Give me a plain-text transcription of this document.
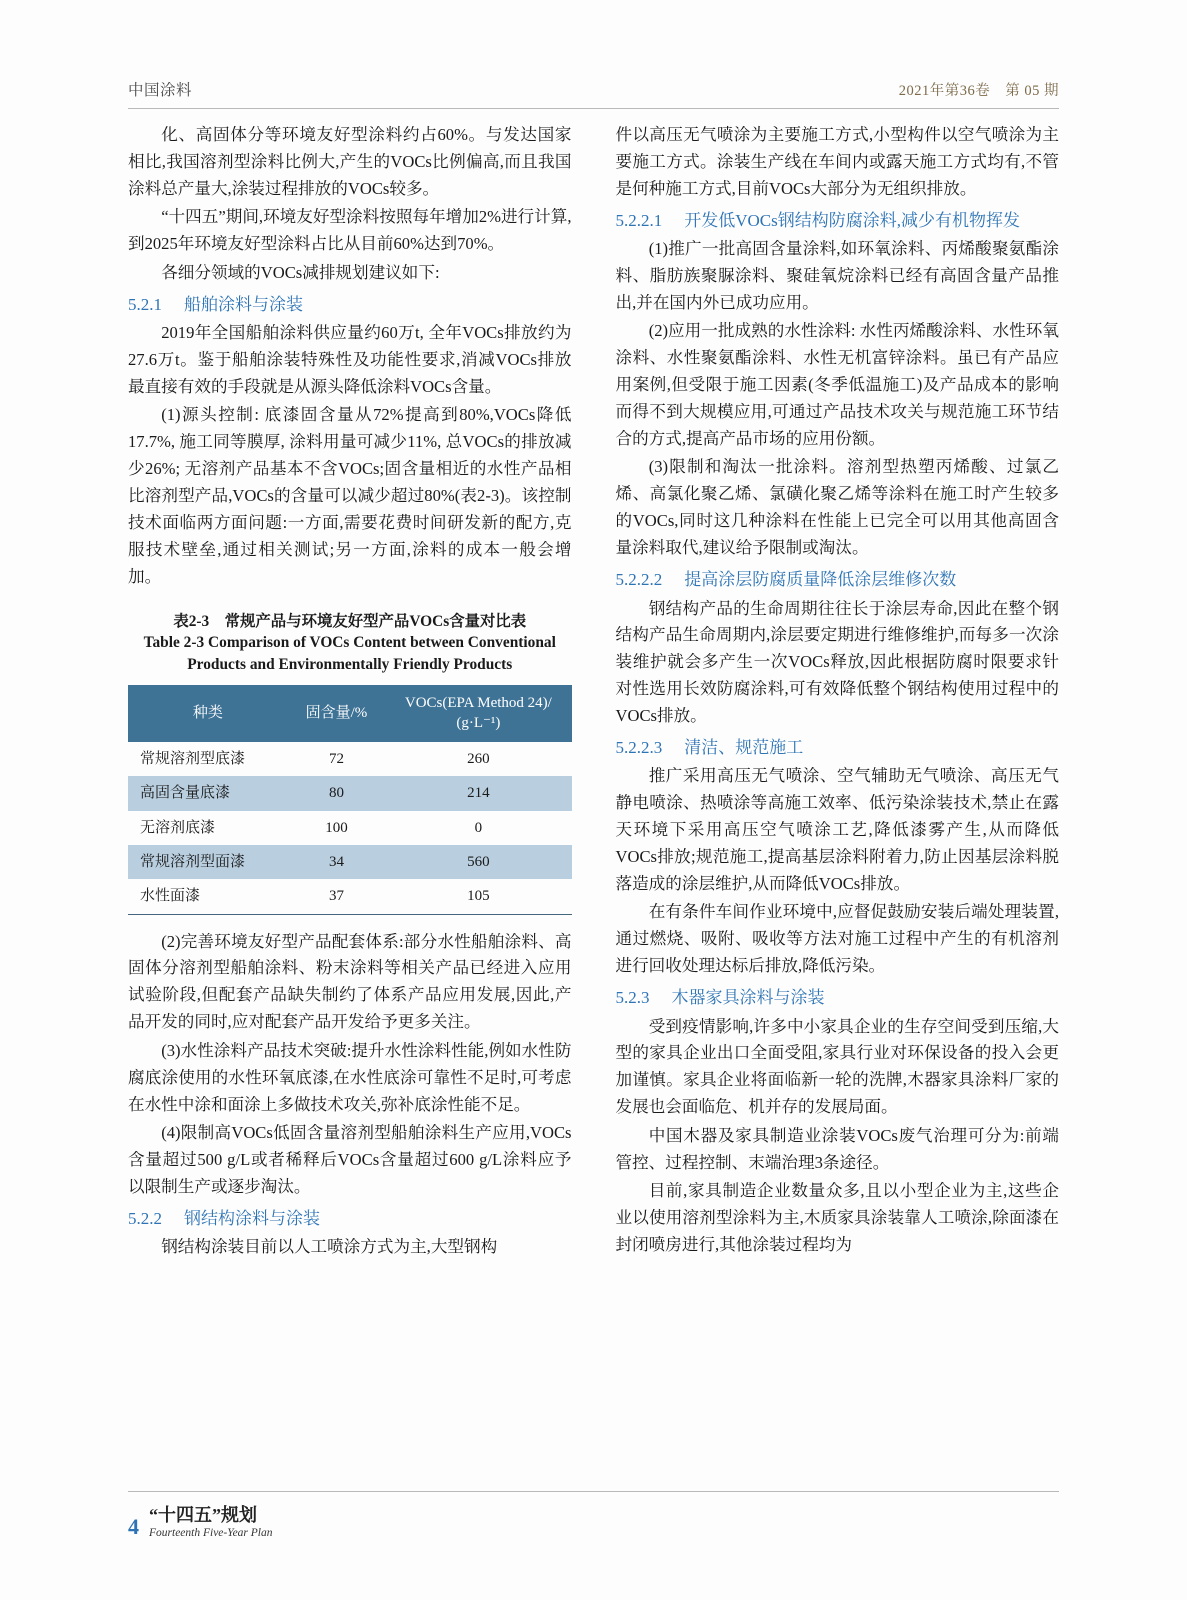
中国涂料	2021年第36卷　第 05 期

化、高固体分等环境友好型涂料约占60%。与发达国家相比,我国溶剂型涂料比例大,产生的VOCs比例偏高,而且我国涂料总产量大,涂装过程排放的VOCs较多。

“十四五”期间,环境友好型涂料按照每年增加2%进行计算,到2025年环境友好型涂料占比从目前60%达到70%。

各细分领域的VOCs减排规划建议如下:

5.2.1 船舶涂料与涂装

2019年全国船舶涂料供应量约60万t, 全年VOCs排放约为27.6万t。鉴于船舶涂装特殊性及功能性要求,消减VOCs排放最直接有效的手段就是从源头降低涂料VOCs含量。

(1)源头控制: 底漆固含量从72%提高到80%,VOCs降低17.7%, 施工同等膜厚, 涂料用量可减少11%, 总VOCs的排放减少26%; 无溶剂产品基本不含VOCs;固含量相近的水性产品相比溶剂型产品,VOCs的含量可以减少超过80%(表2-3)。该控制技术面临两方面问题:一方面,需要花费时间研发新的配方,克服技术壁垒,通过相关测试;另一方面,涂料的成本一般会增加。

表2-3　常规产品与环境友好型产品VOCs含量对比表
Table 2-3 Comparison of VOCs Content between Conventional Products and Environmentally Friendly Products
种类	固含量/%	VOCs(EPA Method 24)/
(g·L⁻¹)

常规溶剂型底漆	72	260
高固含量底漆	80	214
无溶剂底漆	100	0
常规溶剂型面漆	34	560
水性面漆	37	105

(2)完善环境友好型产品配套体系:部分水性船舶涂料、高固体分溶剂型船舶涂料、粉末涂料等相关产品已经进入应用试验阶段,但配套产品缺失制约了体系产品应用发展,因此,产品开发的同时,应对配套产品开发给予更多关注。

(3)水性涂料产品技术突破:提升水性涂料性能,例如水性防腐底涂使用的水性环氧底漆,在水性底涂可靠性不足时,可考虑在水性中涂和面涂上多做技术攻关,弥补底涂性能不足。

(4)限制高VOCs低固含量溶剂型船舶涂料生产应用,VOCs含量超过500 g/L或者稀释后VOCs含量超过600 g/L涂料应予以限制生产或逐步淘汰。

5.2.2 钢结构涂料与涂装

钢结构涂装目前以人工喷涂方式为主,大型钢构

件以高压无气喷涂为主要施工方式,小型构件以空气喷涂为主要施工方式。涂装生产线在车间内或露天施工方式均有,不管是何种施工方式,目前VOCs大部分为无组织排放。

5.2.2.1 开发低VOCs钢结构防腐涂料,减少有机物挥发

(1)推广一批高固含量涂料,如环氧涂料、丙烯酸聚氨酯涂料、脂肪族聚脲涂料、聚硅氧烷涂料已经有高固含量产品推出,并在国内外已成功应用。

(2)应用一批成熟的水性涂料: 水性丙烯酸涂料、水性环氧涂料、水性聚氨酯涂料、水性无机富锌涂料。虽已有产品应用案例,但受限于施工因素(冬季低温施工)及产品成本的影响而得不到大规模应用,可通过产品技术攻关与规范施工环节结合的方式,提高产品市场的应用份额。

(3)限制和淘汰一批涂料。溶剂型热塑丙烯酸、过氯乙烯、高氯化聚乙烯、氯磺化聚乙烯等涂料在施工时产生较多的VOCs,同时这几种涂料在性能上已完全可以用其他高固含量涂料取代,建议给予限制或淘汰。

5.2.2.2 提高涂层防腐质量降低涂层维修次数

钢结构产品的生命周期往往长于涂层寿命,因此在整个钢结构产品生命周期内,涂层要定期进行维修维护,而每多一次涂装维护就会多产生一次VOCs释放,因此根据防腐时限要求针对性选用长效防腐涂料,可有效降低整个钢结构使用过程中的VOCs排放。

5.2.2.3 清洁、规范施工

推广采用高压无气喷涂、空气辅助无气喷涂、高压无气静电喷涂、热喷涂等高施工效率、低污染涂装技术,禁止在露天环境下采用高压空气喷涂工艺,降低漆雾产生,从而降低VOCs排放;规范施工,提高基层涂料附着力,防止因基层涂料脱落造成的涂层维护,从而降低VOCs排放。

在有条件车间作业环境中,应督促鼓励安装后端处理装置,通过燃烧、吸附、吸收等方法对施工过程中产生的有机溶剂进行回收处理达标后排放,降低污染。

5.2.3 木器家具涂料与涂装

受到疫情影响,许多中小家具企业的生存空间受到压缩,大型的家具企业出口全面受阻,家具行业对环保设备的投入会更加谨慎。家具企业将面临新一轮的洗牌,木器家具涂料厂家的发展也会面临危、机并存的发展局面。

中国木器及家具制造业涂装VOCs废气治理可分为:前端管控、过程控制、末端治理3条途径。

目前,家具制造企业数量众多,且以小型企业为主,这些企业以使用溶剂型涂料为主,木质家具涂装靠人工喷涂,除面漆在封闭喷房进行,其他涂装过程均为

4 “十四五”规划
Fourteenth Five-Year Plan
